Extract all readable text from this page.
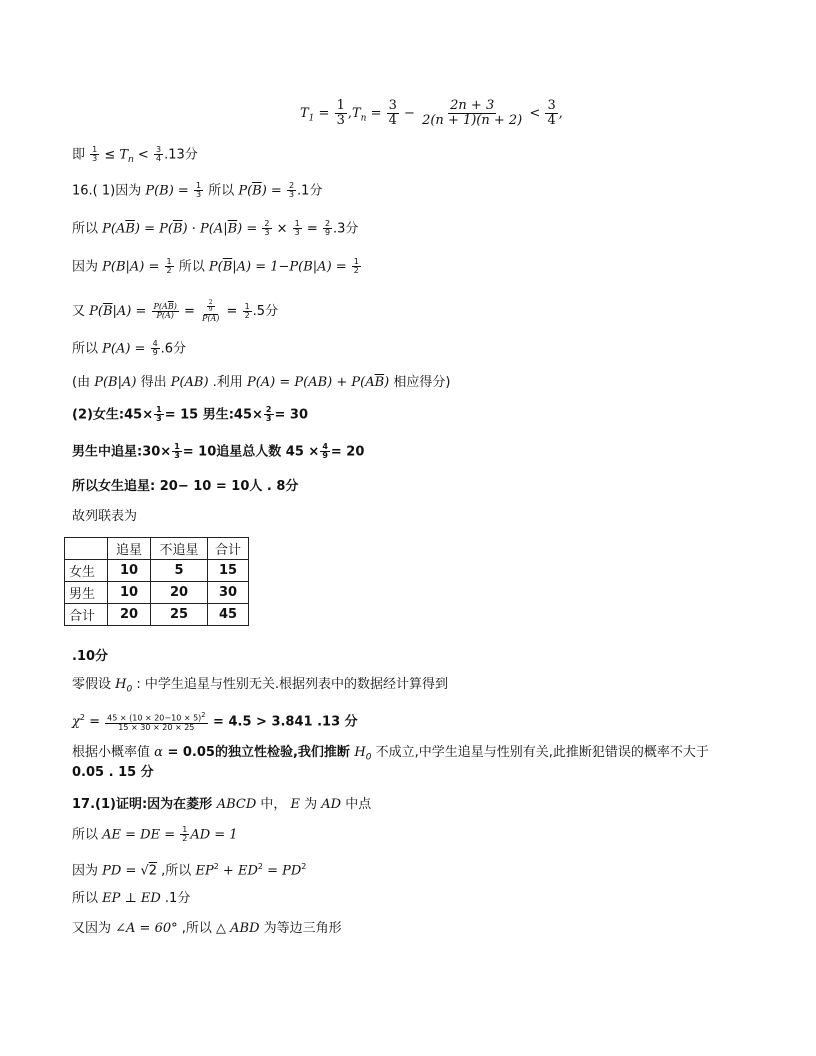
$T_1 = \frac{1}{3} ,T_n = \frac{3}{4} - \frac{2n + 3}{2(n + 1)(n + 2)} < \frac{3}{4}$ ,
即 $\frac{1}{3} \le T_n < \frac{3}{4} .13$分
16.( 1)因为 $P(B) = \frac{1}{3}$ 所以 $P(\overline{B}) = \frac{2}{3} .1$分
所以 $P(A\overline{B}) = P(\overline{B}) \cdot P(A|\overline{B}) = \frac{2}{3} \times \frac{1}{3} = \frac{2}{9} .3$分
因为 $P(B|A) = \frac{1}{2}$ 所以 $P(\overline{B}|A) = 1-P(B|A) = \frac{1}{2}$
又 $P(\overline{B}|A) = \frac{P(A\overline{B})}{P(A)} = \frac{\frac{2}{9}}{P(A)} = \frac{1}{2} .5$分
所以 $P(A) = \frac{4}{9} .6$分
(由 P(B|A) 得出 P(AB) .利用 $P(A) = P(AB) + P(A\overline{B})$ 相应得分)
(2)女生:45× $\frac{1}{3} = 15$ 男生:45× $\frac{2}{3} = 30$
男生中追星:30× $\frac{1}{3} = 10$追星总人数 $45 \times \frac{4}{9} = 20$
所以女生追星: 20− 10 = 10人 . 8分
故列联表为
	追星	不追星	合计
女生	10	5	15
男生	10	20	30
合计	20	25	45
.10分
零假设 $H_0$ : 中学生追星与性别无关.根据列表中的数据经计算得到
$\chi^2 = \frac{45 \times (10 \times 20-10 \times 5)^2}{15 \times 30 \times 20 \times 25} = 4.5 > 3.841$ .13 分
根据小概率值 α = 0.05的独立性检验,我们推断 $H_0$ 不成立,中学生追星与性别有关,此推断犯错误的概率不大于
0.05 . 15 分
17.(1)证明:因为在菱形 ABCD 中， E 为 AD 中点
所以 AE = DE = $\frac{1}{2}$ AD = 1
因为 PD = √2 ,所以 $EP^2 + ED^2 = PD^2$
所以 EP ⊥ ED .1分
又因为 ∠A = 60° ,所以 △ ABD 为等边三角形
